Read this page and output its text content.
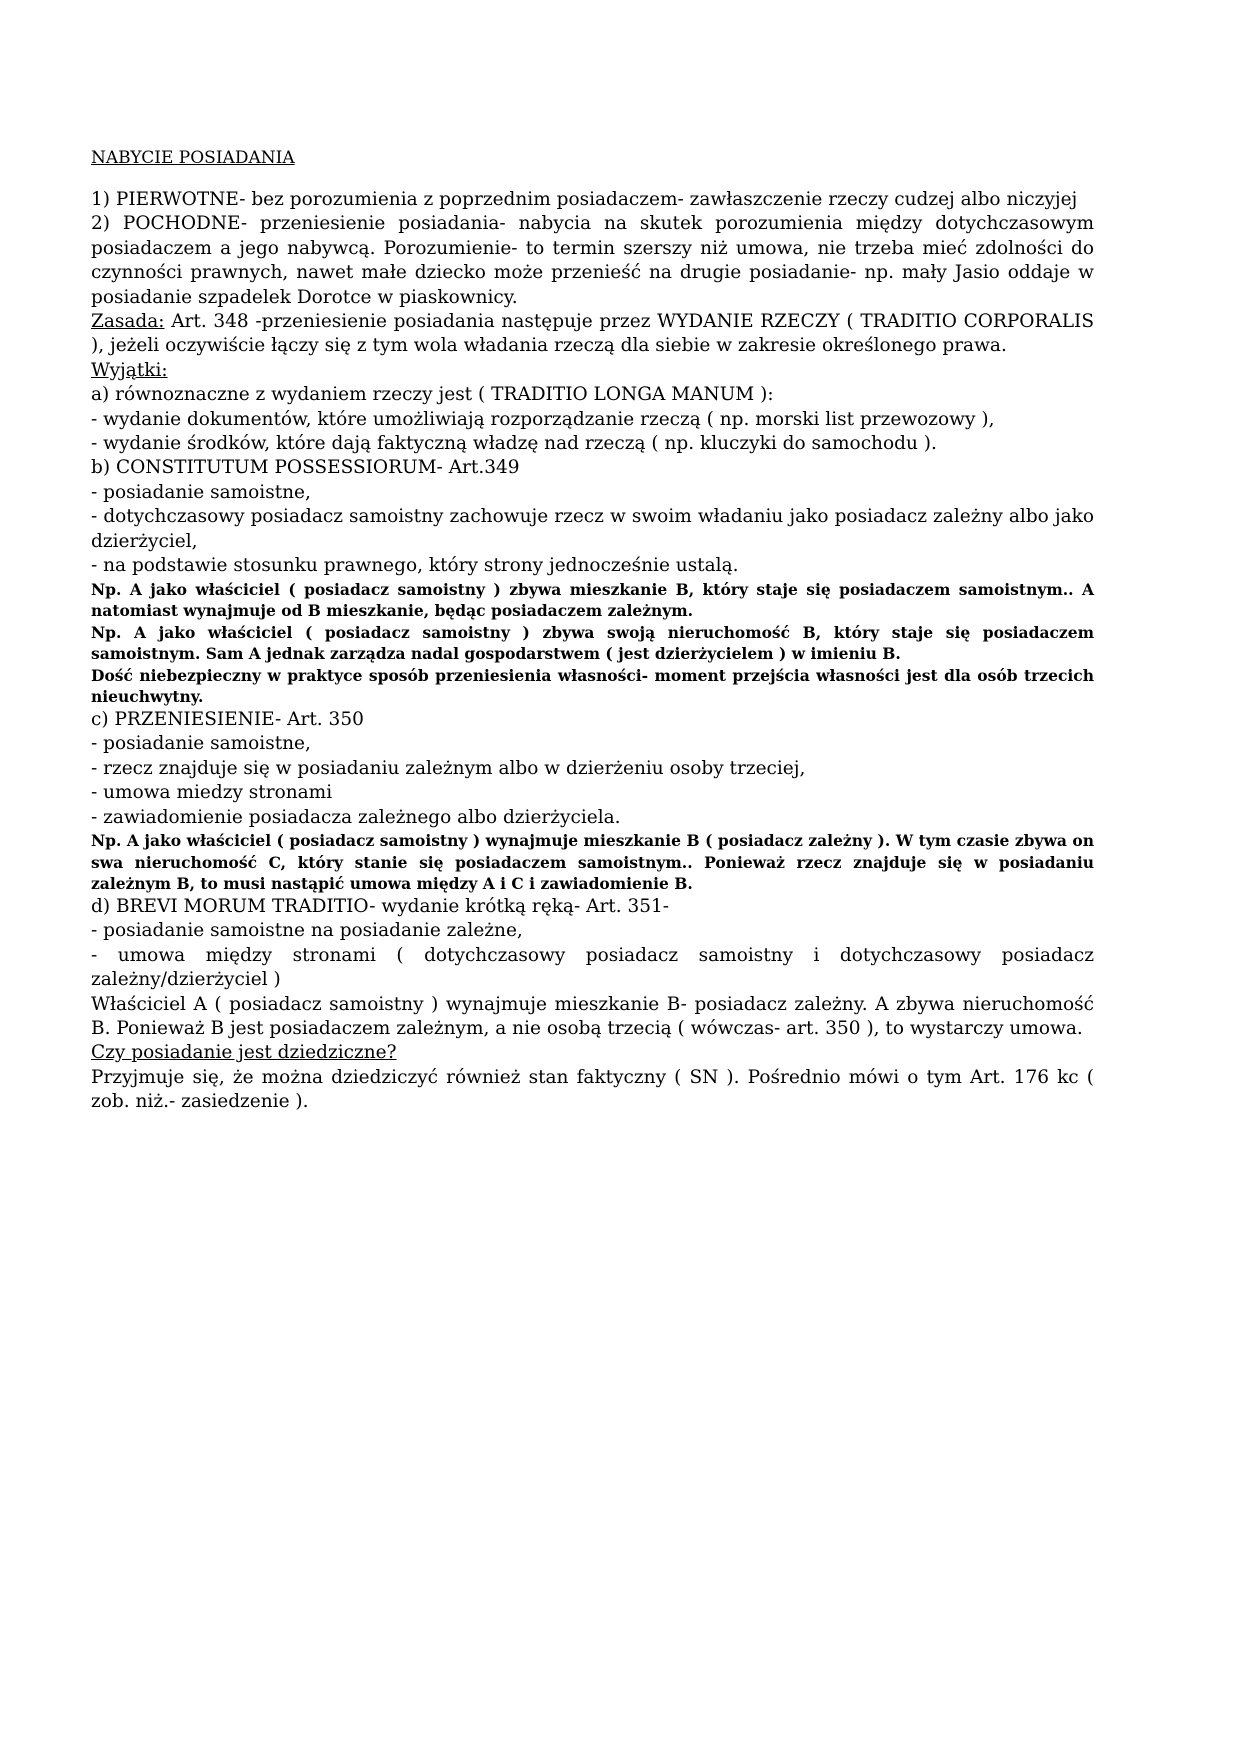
NABYCIE POSIADANIA

1) PIERWOTNE- bez porozumienia z poprzednim posiadaczem- zawłaszczenie rzeczy cudzej albo niczyjej

2) POCHODNE- przeniesienie posiadania- nabycia na skutek porozumienia między dotychczasowym posiadaczem a jego nabywcą. Porozumienie- to termin szerszy niż umowa, nie trzeba mieć zdolności do czynności prawnych, nawet małe dziecko może przenieść na drugie posiadanie- np. mały Jasio oddaje w posiadanie szpadelek Dorotce w piaskownicy.

Zasada: Art. 348 -przeniesienie posiadania następuje przez WYDANIE RZECZY ( TRADITIO CORPORALIS ), jeżeli oczywiście łączy się z tym wola władania rzeczą dla siebie w zakresie określonego prawa.

Wyjątki:

a) równoznaczne z wydaniem rzeczy jest ( TRADITIO LONGA MANUM ):

- wydanie dokumentów, które umożliwiają rozporządzanie rzeczą ( np. morski list przewozowy ),

- wydanie środków, które dają faktyczną władzę nad rzeczą ( np. kluczyki do samochodu ).

b) CONSTITUTUM POSSESSIORUM- Art.349

- posiadanie samoistne,

- dotychczasowy posiadacz samoistny zachowuje rzecz w swoim władaniu jako posiadacz zależny albo jako dzierżyciel,

- na podstawie stosunku prawnego, który strony jednocześnie ustalą.

Np. A jako właściciel ( posiadacz samoistny ) zbywa mieszkanie B, który staje się posiadaczem samoistnym.. A natomiast wynajmuje od B mieszkanie, będąc posiadaczem zależnym.

Np. A jako właściciel ( posiadacz samoistny ) zbywa swoją nieruchomość B, który staje się posiadaczem samoistnym. Sam A jednak zarządza nadal gospodarstwem ( jest dzierżycielem ) w imieniu B.

Dość niebezpieczny w praktyce sposób przeniesienia własności- moment przejścia własności jest dla osób trzecich nieuchwytny.

c) PRZENIESIENIE- Art. 350

- posiadanie samoistne,

- rzecz znajduje się w posiadaniu zależnym albo w dzierżeniu osoby trzeciej,

- umowa miedzy stronami

- zawiadomienie posiadacza zależnego albo dzierżyciela.

Np. A jako właściciel ( posiadacz samoistny ) wynajmuje mieszkanie B ( posiadacz zależny ). W tym czasie zbywa on swa nieruchomość C, który stanie się posiadaczem samoistnym.. Ponieważ rzecz znajduje się w posiadaniu zależnym B, to musi nastąpić umowa między A i C i zawiadomienie B.

d) BREVI MORUM TRADITIO- wydanie krótką ręką- Art. 351-

- posiadanie samoistne na posiadanie zależne,

- umowa między stronami ( dotychczasowy posiadacz samoistny i dotychczasowy posiadacz zależny/dzierżyciel )

Właściciel A ( posiadacz samoistny ) wynajmuje mieszkanie B- posiadacz zależny. A zbywa nieruchomość B. Ponieważ B jest posiadaczem zależnym, a nie osobą trzecią ( wówczas- art. 350 ), to wystarczy umowa.

Czy posiadanie jest dziedziczne?

Przyjmuje się, że można dziedziczyć również stan faktyczny ( SN ). Pośrednio mówi o tym Art. 176 kc ( zob. niż.- zasiedzenie ).
